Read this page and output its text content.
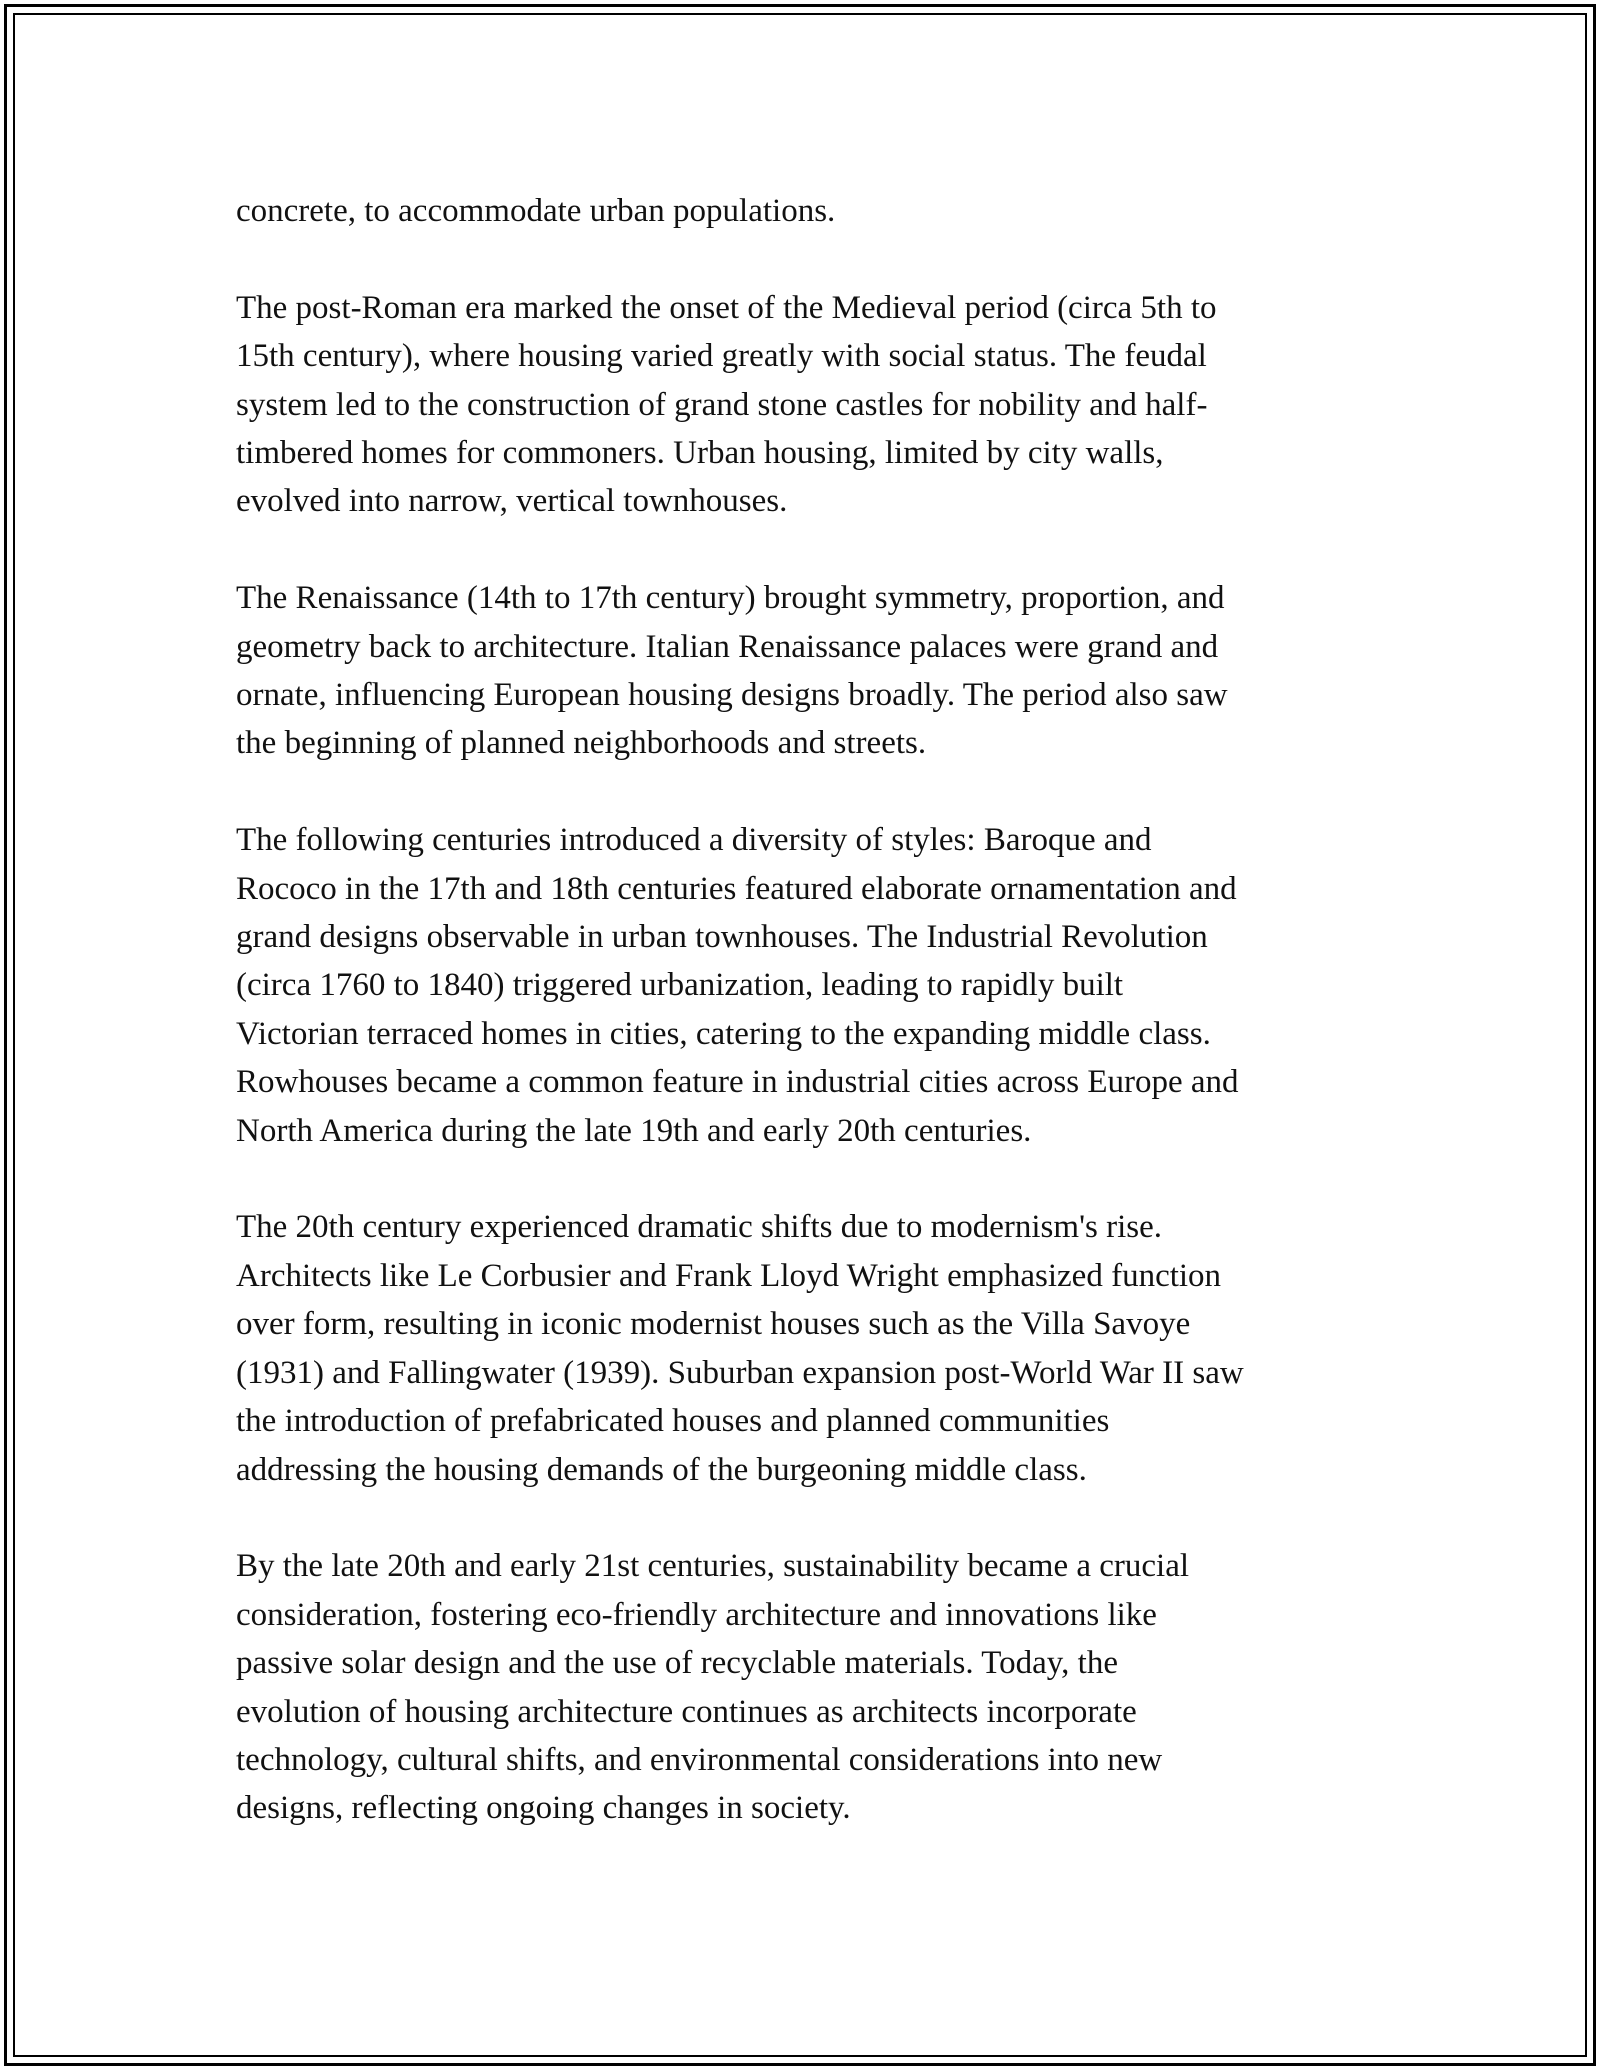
concrete, to accommodate urban populations.

The post-Roman era marked the onset of the Medieval period (circa 5th to
15th century), where housing varied greatly with social status. The feudal
system led to the construction of grand stone castles for nobility and half-
timbered homes for commoners. Urban housing, limited by city walls,
evolved into narrow, vertical townhouses.

The Renaissance (14th to 17th century) brought symmetry, proportion, and
geometry back to architecture. Italian Renaissance palaces were grand and
ornate, influencing European housing designs broadly. The period also saw
the beginning of planned neighborhoods and streets.

The following centuries introduced a diversity of styles: Baroque and
Rococo in the 17th and 18th centuries featured elaborate ornamentation and
grand designs observable in urban townhouses. The Industrial Revolution
(circa 1760 to 1840) triggered urbanization, leading to rapidly built
Victorian terraced homes in cities, catering to the expanding middle class.
Rowhouses became a common feature in industrial cities across Europe and
North America during the late 19th and early 20th centuries.

The 20th century experienced dramatic shifts due to modernism's rise.
Architects like Le Corbusier and Frank Lloyd Wright emphasized function
over form, resulting in iconic modernist houses such as the Villa Savoye
(1931) and Fallingwater (1939). Suburban expansion post-World War II saw
the introduction of prefabricated houses and planned communities
addressing the housing demands of the burgeoning middle class.

By the late 20th and early 21st centuries, sustainability became a crucial
consideration, fostering eco-friendly architecture and innovations like
passive solar design and the use of recyclable materials. Today, the
evolution of housing architecture continues as architects incorporate
technology, cultural shifts, and environmental considerations into new
designs, reflecting ongoing changes in society.
